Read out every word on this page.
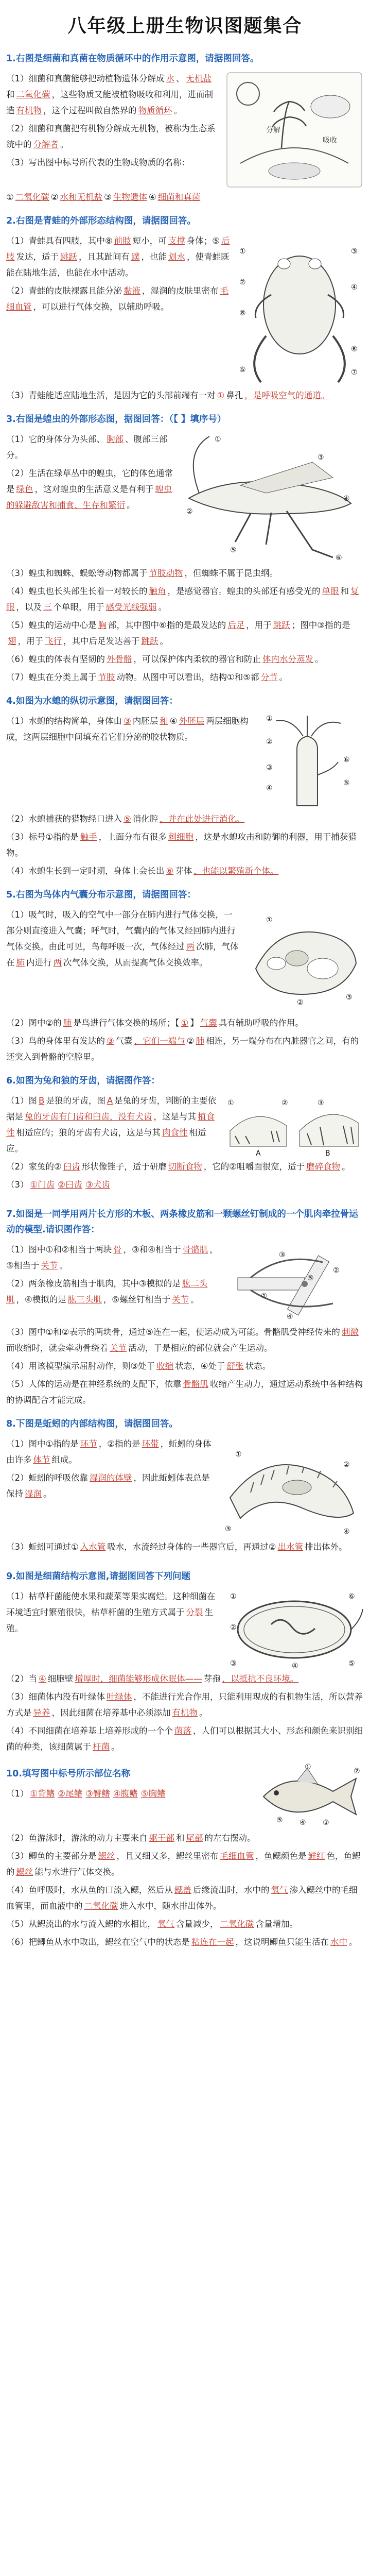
八年级上册生物识图题集合
1.右图是细菌和真菌在物质循环中的作用示意图，请据图回答。
（1）细菌和真菌能够把动植物遗体分解成 水 、 无机盐和 二氧化碳 ，这些物质又能被植物吸收和利用，进而制造 有机物 ，这个过程叫做自然界的 物质循环 。
（2）细菌和真菌把有机物分解成无机物，被称为生态系统中的 分解者 。
（3）写出图中标号所代表的生物或物质的名称：
分解
吸收
① 二氧化碳 ② 水和无机盐 ③ 生物遗体 ④ 细菌和真菌
2.右图是青蛙的外部形态结构图，请据图回答。
（1）青蛙具有四肢，其中⑧ 前肢 短小，可 支撑 身体；⑤ 后肢 发达，适于 跳跃 ，且其趾间有 蹼 ，也能 划水 ，使青蛙既能在陆地生活，也能在水中活动。
（2）青蛙的皮肤裸露且能分泌 黏液 ，湿润的皮肤里密布 毛细血管 ，可以进行气体交换，以辅助呼吸。
①
②
③
④
⑤
⑥
⑦
⑧
（3）青蛙能适应陆地生活，是因为它的头部前端有一对 ① 鼻孔 ，是呼吸空气的通道。
3.右图是蝗虫的外部形态图，据图回答：（【 】填序号）
（1）它的身体分为头部、 胸部 、腹部三部分。
（2）生活在绿草丛中的蝗虫，它的体色通常是 绿色 ，这对蝗虫的生活意义是有利于 蝗虫的躲避敌害和捕食、生存和繁衍 。
①
②
③
④
⑤
⑥
（3）蝗虫和蜘蛛、蜈蚣等动物都属于 节肢动物 ，但蜘蛛不属于昆虫纲。
（4）蝗虫也长头部生长着一对较长的 触角 ，是感觉器官。蝗虫的头部还有感受光的 单眼 和 复眼 ，以及 三 个单眼，用于 感受光线强弱 。
（5）蝗虫的运动中心是 胸 部，其中图中⑥指的是最发达的 后足 ，用于 跳跃 ；图中③指的是翅 ，用于 飞行 ，其中后足发达善于 跳跃 。
（6）蝗虫的体表有坚韧的 外骨骼 ，可以保护体内柔软的器官和防止 体内水分蒸发 。
（7）蝗虫在分类上属于 节肢 动物。从图中可以看出，结构①和⑤都 分节 。
4.如图为水螅的纵切示意图，请据图回答：
（1）水螅的结构简单，身体由 ③ 内胚层 和 ④ 外胚层 两层细胞构成，这两层细胞中间填充着它们分泌的胶状物质。
①
②
③
④
⑤
⑥
（2）水螅捕获的猎物经口进入 ⑤ 消化腔 ，并在此处进行消化。
（3）标号①指的是 触手 ，上面分布有很多 刺细胞 ，这是水螅攻击和防御的利器，用于捕获猎物。
（4）水螅生长到一定时期，身体上会长出 ⑥ 芽体 ，也能以繁殖新个体。
5.右图为鸟体内气囊分布示意图，请据图回答：
（1）吸气时，吸入的空气中一部分在肺内进行气体交换，一部分则直接进入气囊；呼气时，气囊内的气体又经回肺内进行气体交换。由此可见，鸟每呼吸一次，气体经过 两 次肺，气体在 肺 内进行 两 次气体交换，从而提高气体交换效率。
①
②
③
（2）图中②的 肺 是鸟进行气体交换的场所；【 ① 】 气囊 具有辅助呼吸的作用。
（3）鸟的身体里有发达的 ③ 气囊 ，它们一端与 ② 肺 相连，另一端分布在内脏器官之间，有的还突入到骨骼的空腔里。
6.如图为兔和狼的牙齿，请据图作答：
（1）图 B 是狼的牙齿，图 A 是兔的牙齿，判断的主要依据是 兔的牙齿有门齿和臼齿，没有犬齿 ，这是与其 植食性 相适应的；狼的牙齿有犬齿，这是与其 肉食性 相适应。	A	B
①	②	③
（2）家兔的② 臼齿 形状像锉子，适于研磨 切断食物 ，它的②咀嚼面很宽，适于 磨碎食物 。
（3） ①门齿 ②臼齿 ③犬齿
7.如图是一同学用两片长方形的木板、两条橡皮筋和一颗螺丝钉制成的一个肌肉牵拉骨运动的模型.请识图作答：
（1）图中①和②相当于两块 骨 ，③和④相当于 骨骼肌 ，⑤相当于 关节 。
（2）两条橡皮筋相当于肌肉，其中③模拟的是 肱二头肌 ，④模拟的是 肱三头肌 ，⑤螺丝钉相当于 关节 。	①
②
③
④
⑤
（3）图中①和②表示的两块骨，通过⑤连在一起，使运动成为可能。骨骼肌受神经传来的 刺激而收缩时，就会牵动骨绕着 关节 活动，于是相应的部位就会产生运动。
（4）用该模型演示屈肘动作，则③处于 收缩 状态，④处于 舒张 状态。
（5）人体的运动是在神经系统的支配下，依靠 骨骼肌 收缩产生动力，通过运动系统中各种结构的协调配合才能完成。
8.下图是蚯蚓的内部结构图，请据图回答。
（1）图中①指的是 环节 ，②指的是 环带 ，蚯蚓的身体由许多 体节 组成。
（2）蚯蚓的呼吸依靠 湿润的体壁 ，因此蚯蚓体表总是保持 湿润 。
①
②
③	④
（3）蚯蚓可通过① 入水管 吸水，水流经过身体的一些器官后，再通过② 出水管 排出体外。
9.如图是细菌结构示意图,请据图回答下列问题
（1）枯草杆菌能使水果和蔬菜等果实腐烂。这种细菌在环境适宜时繁殖很快，枯草杆菌的生殖方式属于 分裂 生殖。
①
②
③	④	⑤
⑥
（2）当 ④ 细胞壁 增厚时，细菌能够形成休眠体—— 芽孢 ，以抵抗不良环境。
（3）细菌体内没有叶绿体 叶绿体 ，不能进行光合作用，只能利用现成的有机物生活，所以营养方式是 异养 ，因此细菌在培养基中必须添加 有机物 。
（4）不同细菌在培养基上培养形成的一个个 菌落 ，人们可以根据其大小、形态和颜色来识别细菌的种类，该细菌属于 杆菌 。
10.填写图中标号所示部位名称
（1） ①背鳍 ②尾鳍 ③臀鳍 ④腹鳍 ⑤胸鳍
①	②
③
④
⑤
（2）鱼游泳时，游泳的动力主要来自 躯干部 和 尾部 的左右摆动。
（3）鲫鱼的主要部分是 鳃丝 ，且又细又多，鳃丝里密布 毛细血管 ，鱼鳃颜色是 鲜红 色，鱼鳃的 鳃丝 能与水进行气体交换。
（4）鱼呼吸时，水从鱼的口流入鳃，然后从 鳃盖 后缘流出时，水中的 氧气 渗入鳃丝中的毛细血管里，而血液中的 二氧化碳 进入水中，随水排出体外。
（5）从鳃流出的水与流入鳃的水相比， 氧气 含量减少， 二氧化碳 含量增加。
（6）把鲫鱼从水中取出，鳃丝在空气中的状态是 粘连在一起 ，这说明鲫鱼只能生活在 水中 。
